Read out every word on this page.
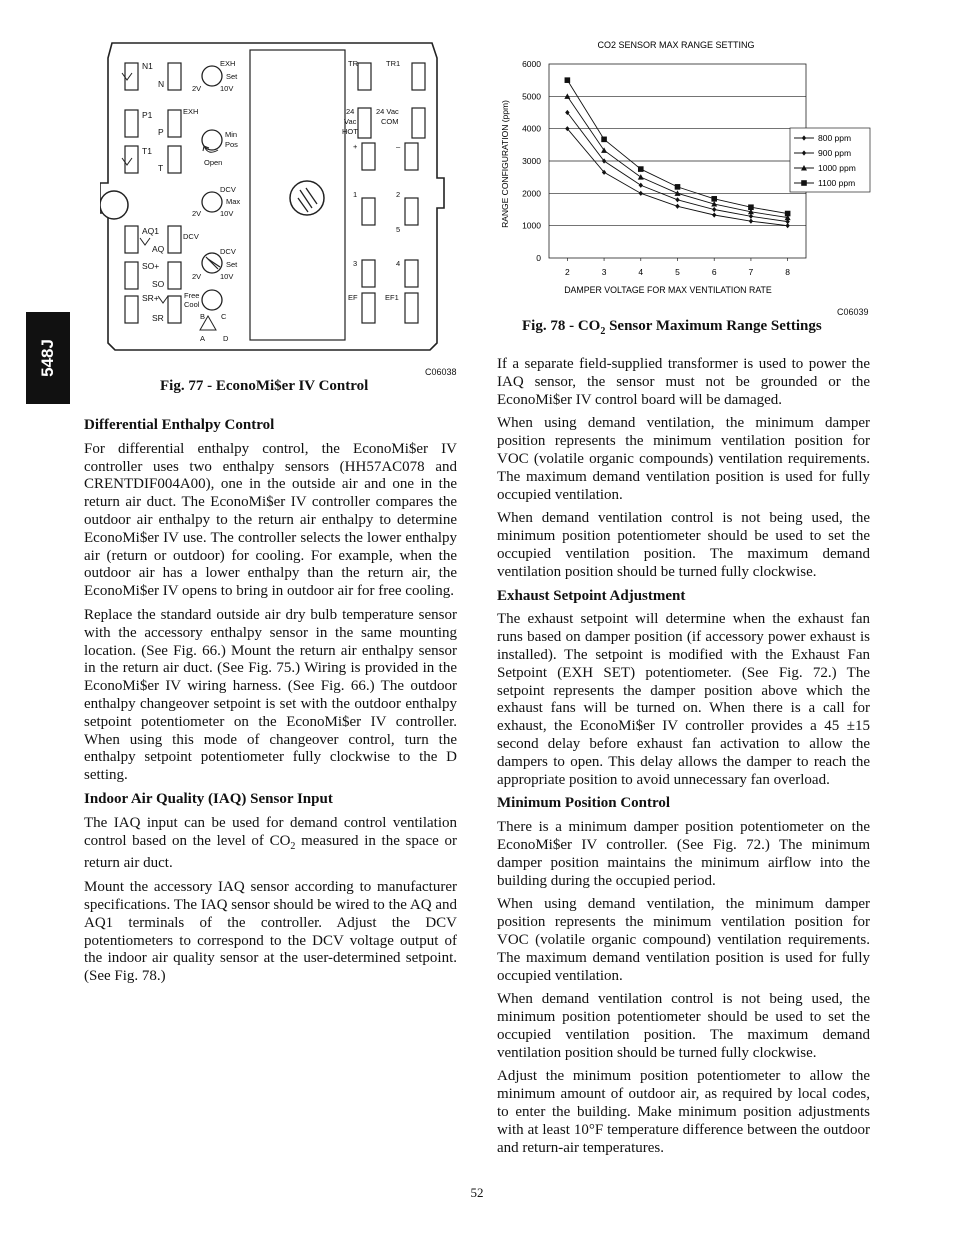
548J
N1
N
P1
P
T1
T
AQ1
AQ
SO+
SO
SR+
SR
EXH
Set
2V	10V
EXH
Min
Pos
Open
DCV
Max
2V	10V
DCV
DCV
Set
2V	10V
Free
Cool
B C
A D
TR	TR1
24
Vac
HOT
24 Vac
COM
+	–
1	2
5
3	4
EF	EF1
C06038
Fig. 77 - EconoMi$er IV Control
CO2 SENSOR MAX RANGE SETTING
0
1000
2000
3000
4000
5000
6000
2	3	4	5	6	7	8
DAMPER VOLTAGE FOR MAX VENTILATION RATE
RANGE CONFIGURATION (ppm)	800 ppm
900 ppm
1000 ppm
1100 ppm
C06039
Fig. $78 - CO_2$ Sensor Maximum Range Settings
Differential Enthalpy Control

For differential enthalpy control, the EconoMi$er IV controller uses two enthalpy sensors (HH57AC078 and CRENTDIF004A00), one in the outside air and one in the return air duct. The EconoMi$er IV controller compares the outdoor air enthalpy to the return air enthalpy to determine EconoMi$er IV use. The controller selects the lower enthalpy air (return or outdoor) for cooling. For example, when the outdoor air has a lower enthalpy than the return air, the EconoMi$er IV opens to bring in outdoor air for free cooling.

Replace the standard outside air dry bulb temperature sensor with the accessory enthalpy sensor in the same mounting location. (See Fig. 66.) Mount the return air enthalpy sensor in the return air duct. (See Fig. 75.) Wiring is provided in the EconoMi$er IV wiring harness. (See Fig. 66.) The outdoor enthalpy changeover setpoint is set with the outdoor enthalpy setpoint potentiometer on the EconoMi$er IV controller. When using this mode of changeover control, turn the enthalpy setpoint potentiometer fully clockwise to the D setting.

Indoor Air Quality (IAQ) Sensor Input

The IAQ input can be used for demand control ventilation control based on the level of $CO_2$ measured in the space or return air duct.

Mount the accessory IAQ sensor according to manufacturer specifications. The IAQ sensor should be wired to the AQ and AQ1 terminals of the controller. Adjust the DCV potentiometers to correspond to the DCV voltage output of the indoor air quality sensor at the user-determined setpoint. (See Fig. 78.)

If a separate field-supplied transformer is used to power the IAQ sensor, the sensor must not be grounded or the EconoMi$er IV control board will be damaged.

When using demand ventilation, the minimum damper position represents the minimum ventilation position for VOC (volatile organic compounds) ventilation requirements. The maximum demand ventilation position is used for fully occupied ventilation.

When demand ventilation control is not being used, the minimum position potentiometer should be used to set the occupied ventilation position. The maximum demand ventilation position should be turned fully clockwise.

Exhaust Setpoint Adjustment

The exhaust setpoint will determine when the exhaust fan runs based on damper position (if accessory power exhaust is installed). The setpoint is modified with the Exhaust Fan Setpoint (EXH SET) potentiometer. (See Fig. 72.) The setpoint represents the damper position above which the exhaust fans will be turned on. When there is a call for exhaust, the EconoMi$er IV controller provides a 45 ±15 second delay before exhaust fan activation to allow the dampers to open. This delay allows the damper to reach the appropriate position to avoid unnecessary fan overload.

Minimum Position Control

There is a minimum damper position potentiometer on the EconoMi$er IV controller. (See Fig. 72.) The minimum damper position maintains the minimum airflow into the building during the occupied period.

When using demand ventilation, the minimum damper position represents the minimum ventilation position for VOC (volatile organic compound) ventilation requirements. The maximum demand ventilation position is used for fully occupied ventilation.

When demand ventilation control is not being used, the minimum position potentiometer should be used to set the occupied ventilation position. The maximum demand ventilation position should be turned fully clockwise.

Adjust the minimum position potentiometer to allow the minimum amount of outdoor air, as required by local codes, to enter the building. Make minimum position adjustments with at least 10°F temperature difference between the outdoor and return-air temperatures.

52
